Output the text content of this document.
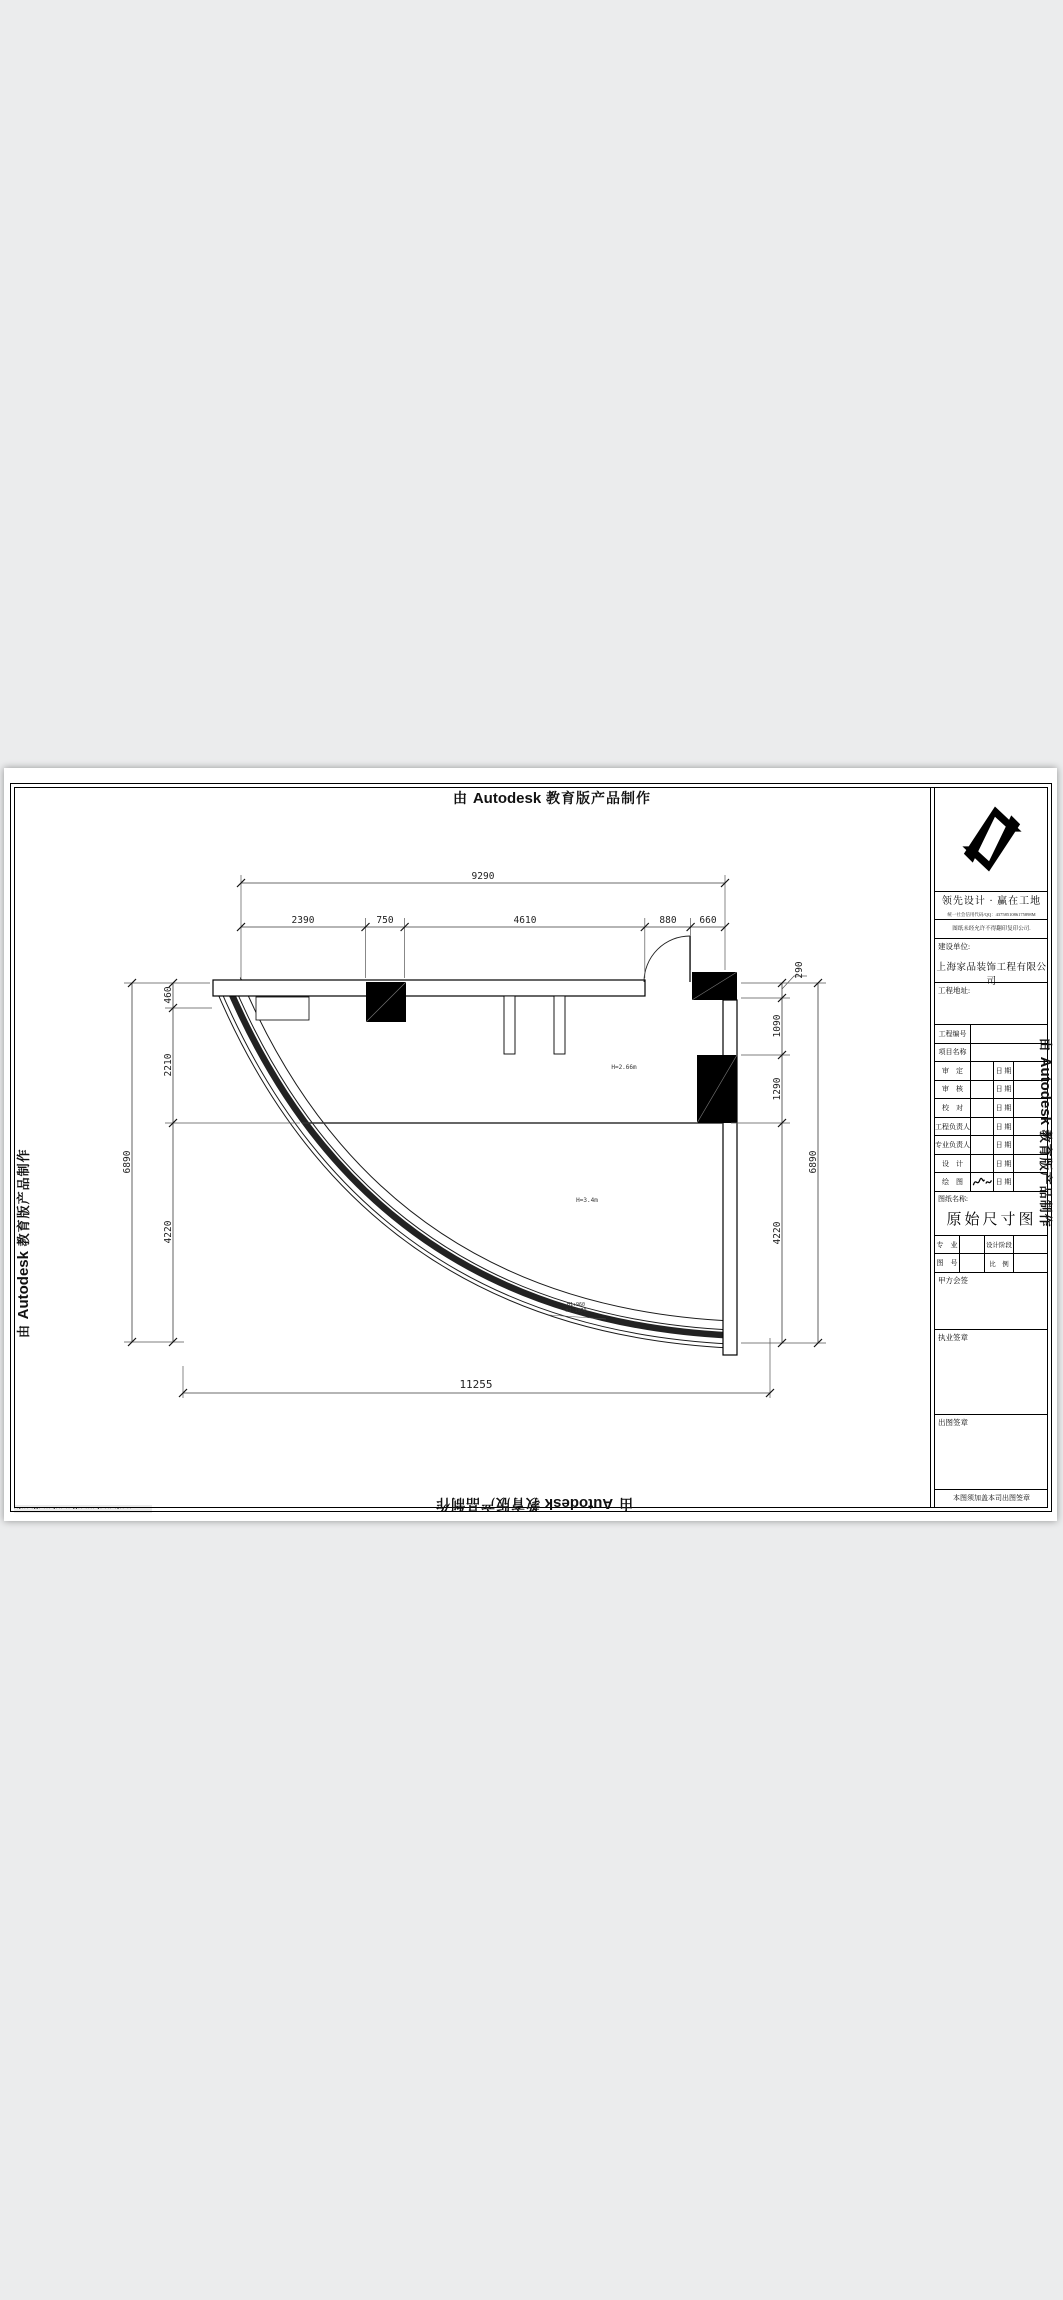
9290
2390	750	4610	880 660
6890
460
2210
4220
290
1090
1290
4220
6890
11255
H=2.66m
H=3.4m
H1:960
H2:1970
由 Autodesk 教育版产品制作
由 Autodesk 教育版产品制作
由 Autodesk 教育版产品制作
由 Autodesk 教育版产品制作
领先设计 · 赢在工地
统一社会信用代码/QQ：4375851086175898M
图纸未经允许不得翻印复印公司.
建设单位:
上海家品装饰工程有限公司
工程地址:
工程编号
项目名称
审　定	日 期
审　核	日 期
校　对	日 期
工程负责人	日 期
专业负责人	日 期
设　计	日 期
绘　图	日 期
图纸名称:
原始尺寸图
专　业	设计阶段
图　号	比　例
甲方会签
执业签章
出图签章
本图须加盖本司出图签章
··•··· ·••· ··· •··· ·· ••·· ···· •· ··· ·•·· ··
